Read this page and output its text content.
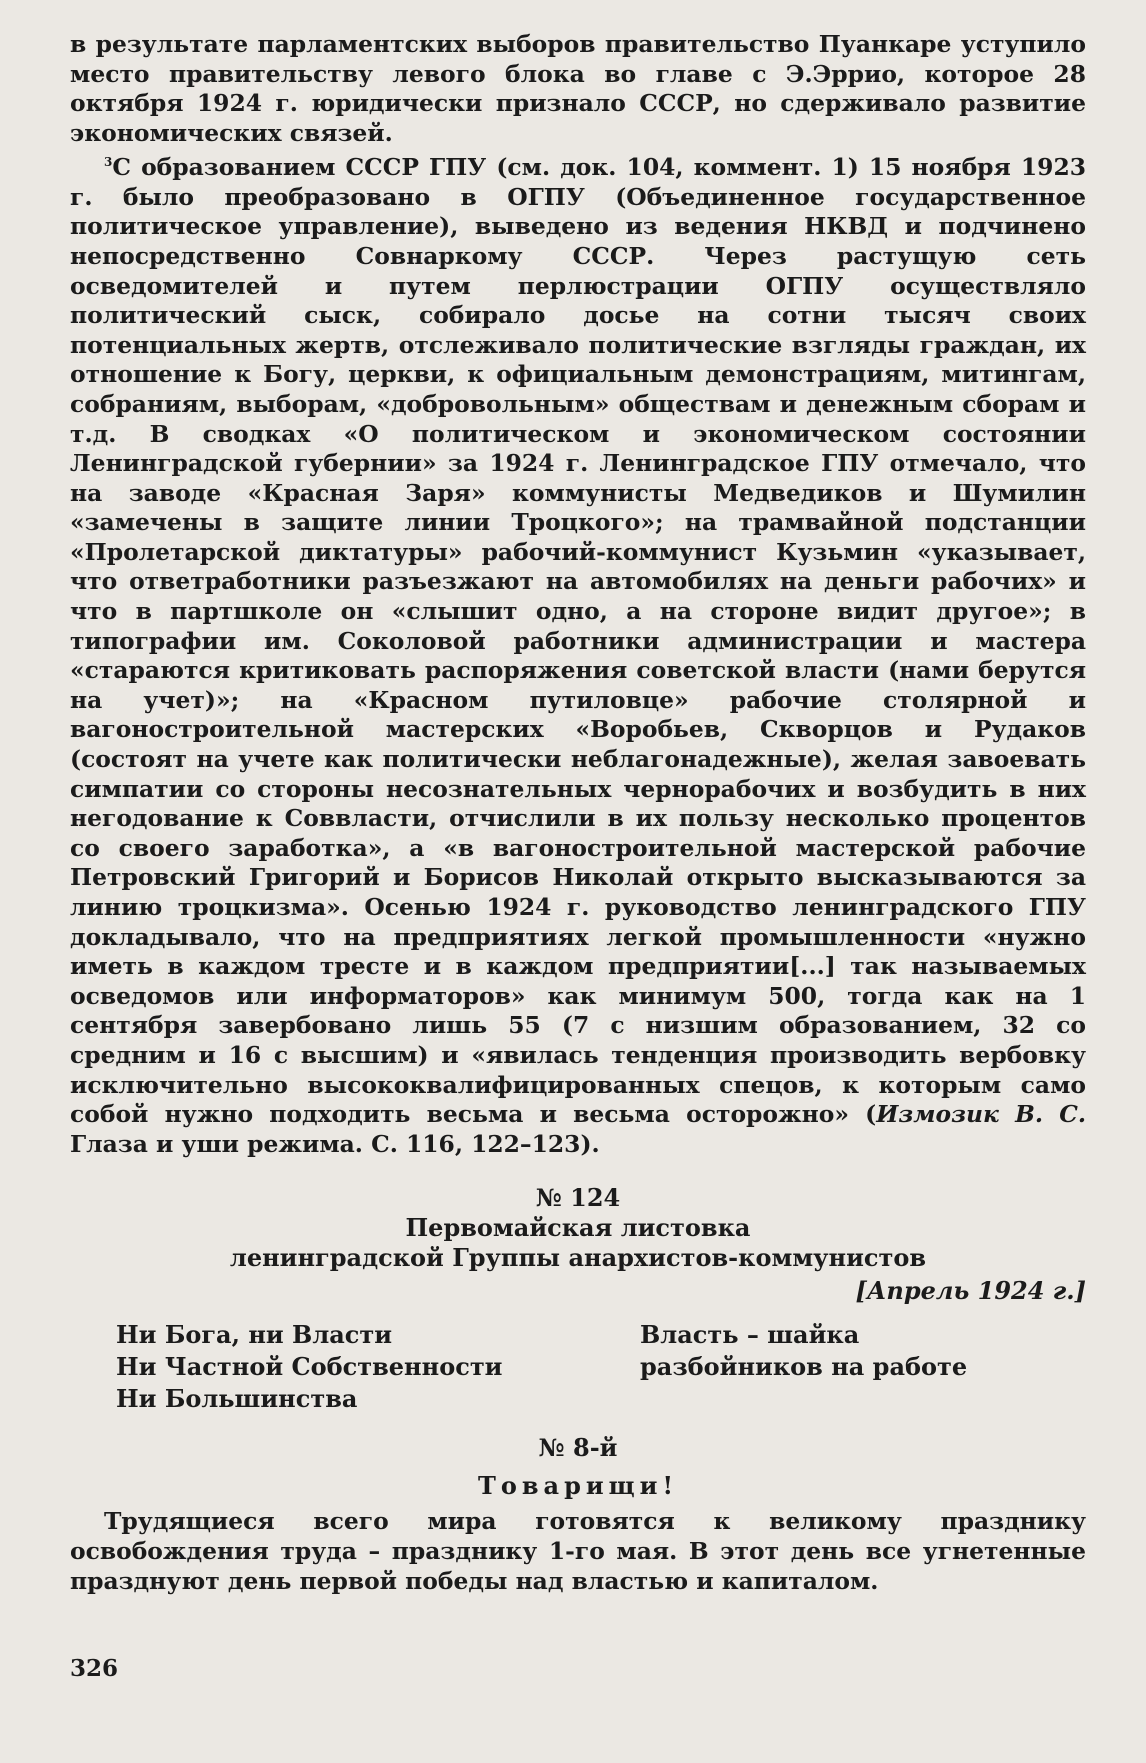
в результате парламентских выборов правительство Пуанкаре уступило место правительству левого блока во главе с Э.Эррио, которое 28 октября 1924 г. юридически признало СССР, но сдерживало развитие экономических связей.

$^3$С образованием СССР ГПУ (см. док. 104, коммент. 1) 15 ноября 1923 г. было преобразовано в ОГПУ (Объединенное государственное политическое управление), выведено из ведения НКВД и подчинено непосредственно Совнаркому СССР. Через растущую сеть осведомителей и путем перлюстрации ОГПУ осуществляло политический сыск, собирало досье на сотни тысяч своих потенциальных жертв, отслеживало политические взгляды граждан, их отношение к Богу, церкви, к официальным демонстрациям, митингам, собраниям, выборам, «добровольным» обществам и денежным сборам и т.д. В сводках «О политическом и экономическом состоянии Ленинградской губернии» за 1924 г. Ленинградское ГПУ отмечало, что на заводе «Красная Заря» коммунисты Медведиков и Шумилин «замечены в защите линии Троцкого»; на трамвайной подстанции «Пролетарской диктатуры» рабочий-коммунист Кузьмин «указывает, что ответработники разъезжают на автомобилях на деньги рабочих» и что в партшколе он «слышит одно, а на стороне видит другое»; в типографии им. Соколовой работники администрации и мастера «стараются критиковать распоряжения советской власти (нами берутся на учет)»; на «Красном путиловце» рабочие столярной и вагоностроительной мастерских «Воробьев, Скворцов и Рудаков (состоят на учете как политически неблагонадежные), желая завоевать симпатии со стороны несознательных чернорабочих и возбудить в них негодование к Соввласти, отчислили в их пользу несколько процентов со своего заработка», а «в вагоностроительной мастерской рабочие Петровский Григорий и Борисов Николай открыто высказываются за линию троцкизма». Осенью 1924 г. руководство ленинградского ГПУ докладывало, что на предприятиях легкой промышленности «нужно иметь в каждом тресте и в каждом предприятии[...] так называемых осведомов или информаторов» как минимум 500, тогда как на 1 сентября завербовано лишь 55 (7 с низшим образованием, 32 со средним и 16 с высшим) и «явилась тенденция производить вербовку исключительно высококвалифицированных спецов, к которым само собой нужно подходить весьма и весьма осторожно» (Измозик В. С. Глаза и уши режима. С. 116, 122–123).

№ 124
Первомайская листовка
ленинградской Группы анархистов-коммунистов
[Апрель 1924 г.]
Ни Бога, ни Власти
Ни Частной Собственности
Ни Большинства
Власть – шайка
разбойников на работе
№ 8-й
Товарищи!

Трудящиеся всего мира готовятся к великому празднику освобождения труда – празднику 1-го мая. В этот день все угнетенные празднуют день первой победы над властью и капиталом.

326
